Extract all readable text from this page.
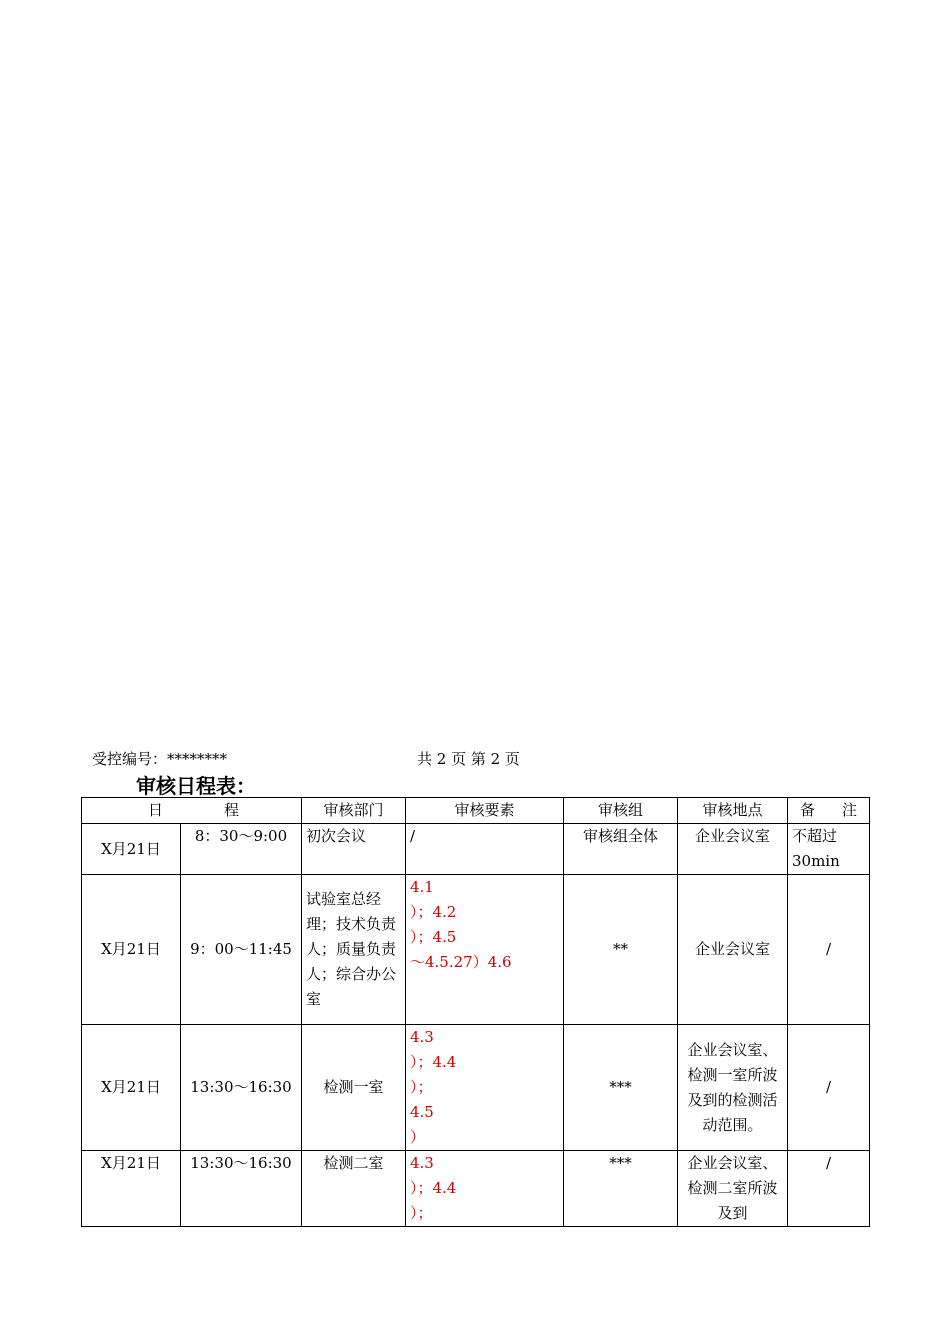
受控编号：********	共 2 页 第 2 页
审核日程表：
日 程		审核部门	审核要素	审核组	审核地点	备 注

X月21日	8：30～9:00	初次会议	/	审核组全体	企业会议室	不超过30min
X月21日	9：00～11:45	试验室总经理；技术负责人；质量负责人；综合办公室	4.1
）；4.2
）；4.5
～4.5.27）4.6	**	企业会议室	/
X月21日	13:30～16:30	检测一室	4.3
）；4.4
）；
4.5
）	***	企业会议室、检测一室所波及到的检测活动范围。	/
X月21日	13:30～16:30	检测二室	4.3
）；4.4
）；	***	企业会议室、检测二室所波及到	/
